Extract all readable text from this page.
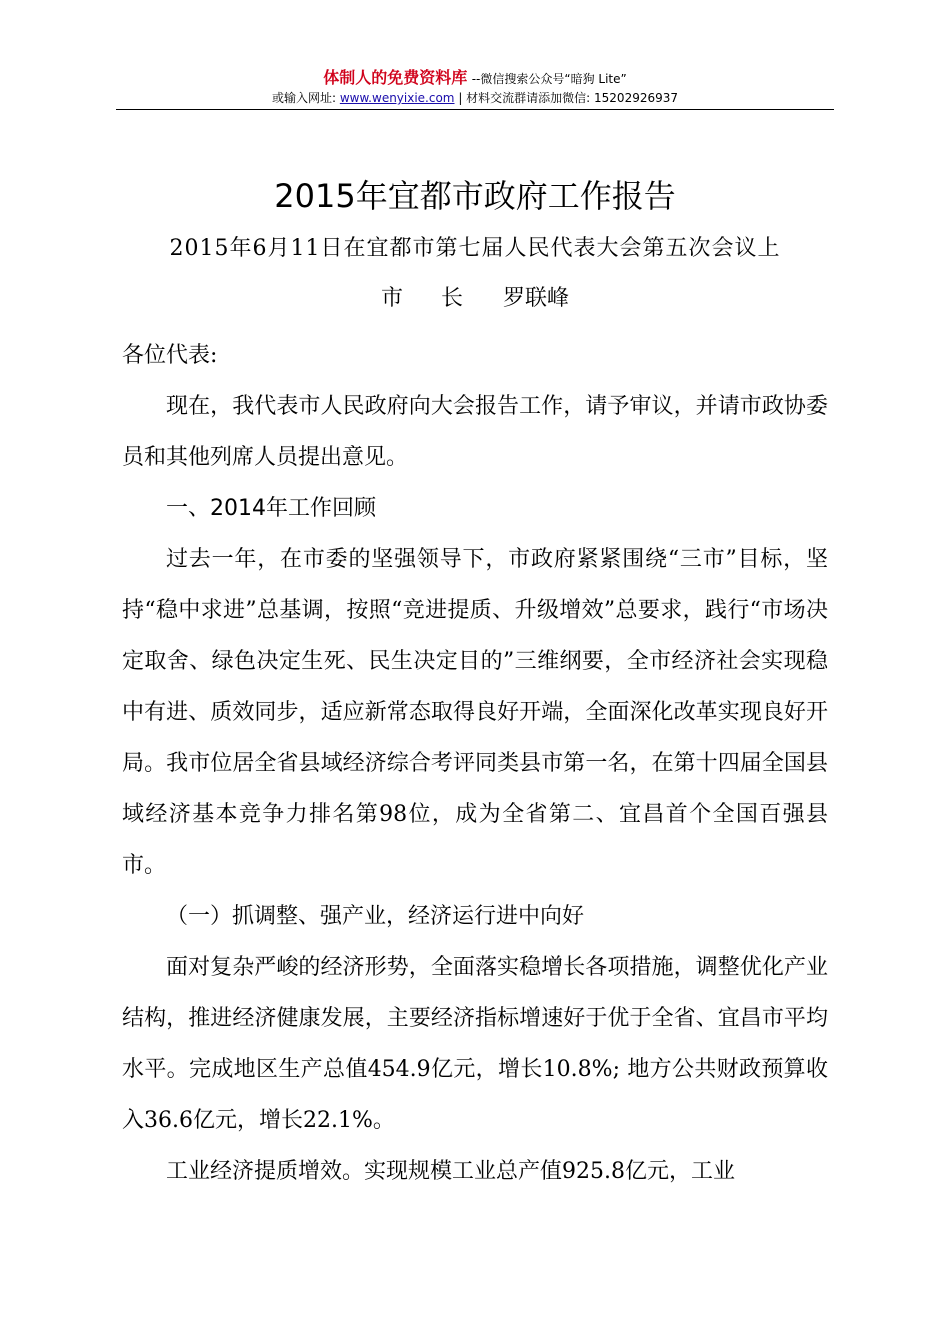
体制人的免费资料库 --微信搜索公众号“暗狗 Lite”
或输入网址: www.wenyixie.com | 材料交流群请添加微信: 15202926937
2015年宜都市政府工作报告
2015年6月11日在宜都市第七届人民代表大会第五次会议上
市 长 罗联峰

各位代表:

现在，我代表市人民政府向大会报告工作，请予审议，并请市政协委员和其他列席人员提出意见。

一、2014年工作回顾

过去一年，在市委的坚强领导下，市政府紧紧围绕“三市”目标，坚持“稳中求进”总基调，按照“竞进提质、升级增效”总要求，践行“市场决定取舍、绿色决定生死、民生决定目的”三维纲要，全市经济社会实现稳中有进、质效同步，适应新常态取得良好开端，全面深化改革实现良好开局。我市位居全省县域经济综合考评同类县市第一名，在第十四届全国县域经济基本竞争力排名第98位，成为全省第二、宜昌首个全国百强县市。

（一）抓调整、强产业，经济运行进中向好

面对复杂严峻的经济形势，全面落实稳增长各项措施，调整优化产业结构，推进经济健康发展，主要经济指标增速好于优于全省、宜昌市平均水平。完成地区生产总值454.9亿元，增长10.8%; 地方公共财政预算收入36.6亿元，增长22.1%。

工业经济提质增效。实现规模工业总产值925.8亿元，工业
